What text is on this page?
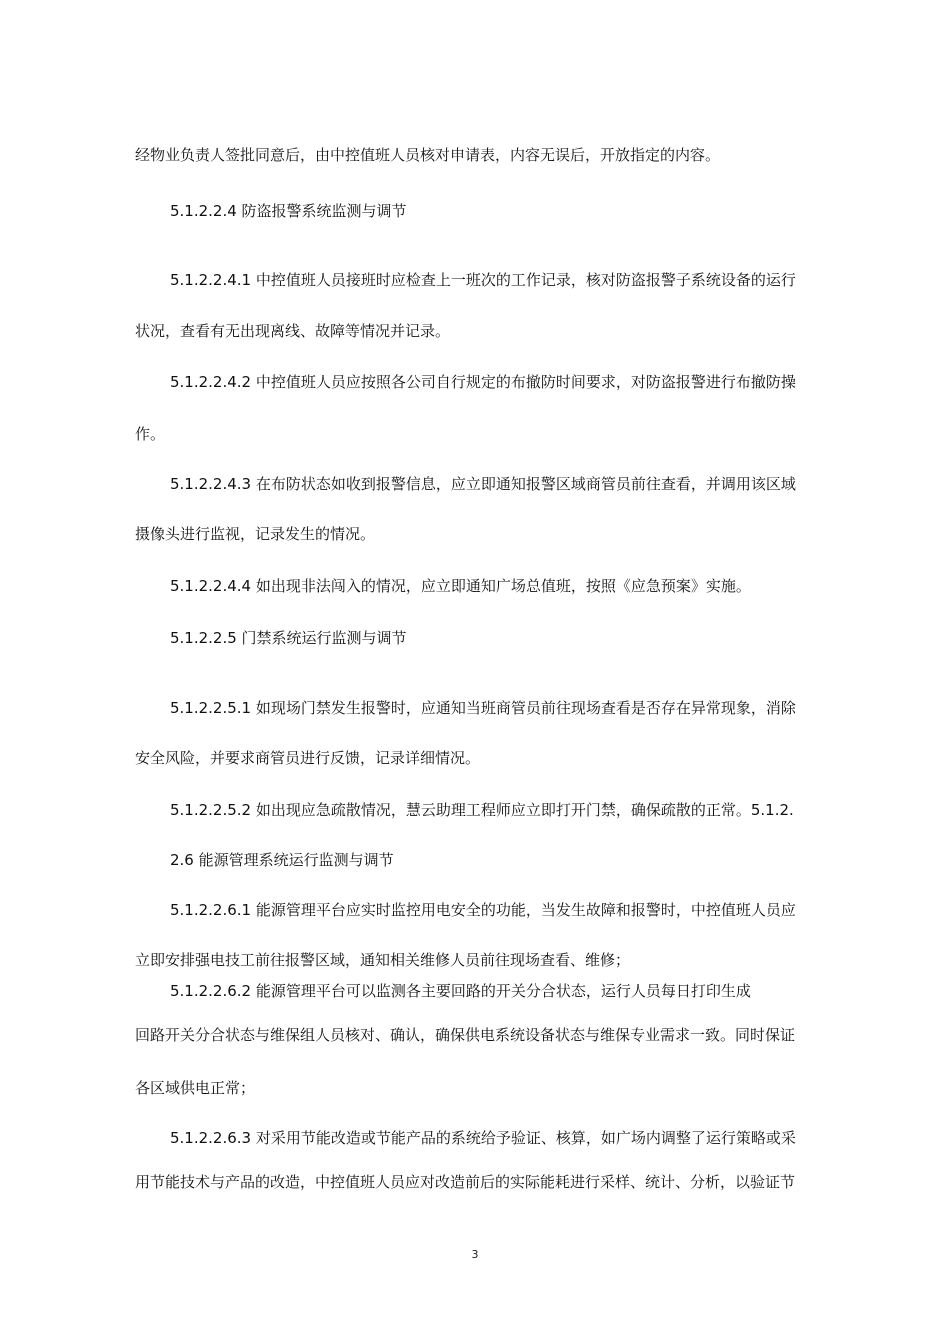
经物业负责人签批同意后，由中控值班人员核对申请表，内容无误后，开放指定的内容。
5.1.2.2.4 防盗报警系统监测与调节
5.1.2.2.4.1 中控值班人员接班时应检查上一班次的工作记录，核对防盗报警子系统设备的运行
状况，查看有无出现离线、故障等情况并记录。
5.1.2.2.4.2 中控值班人员应按照各公司自行规定的布撤防时间要求，对防盗报警进行布撤防操
作。
5.1.2.2.4.3 在布防状态如收到报警信息，应立即通知报警区域商管员前往查看，并调用该区域
摄像头进行监视，记录发生的情况。
5.1.2.2.4.4 如出现非法闯入的情况，应立即通知广场总值班，按照《应急预案》实施。
5.1.2.2.5 门禁系统运行监测与调节
5.1.2.2.5.1 如现场门禁发生报警时，应通知当班商管员前往现场查看是否存在异常现象，消除
安全风险，并要求商管员进行反馈，记录详细情况。
5.1.2.2.5.2 如出现应急疏散情况，慧云助理工程师应立即打开门禁，确保疏散的正常。5.1.2.
2.6 能源管理系统运行监测与调节
5.1.2.2.6.1 能源管理平台应实时监控用电安全的功能，当发生故障和报警时，中控值班人员应
立即安排强电技工前往报警区域，通知相关维修人员前往现场查看、维修；
5.1.2.2.6.2 能源管理平台可以监测各主要回路的开关分合状态，运行人员每日打印生成
回路开关分合状态与维保组人员核对、确认，确保供电系统设备状态与维保专业需求一致。同时保证
各区域供电正常；
5.1.2.2.6.3 对采用节能改造或节能产品的系统给予验证、核算，如广场内调整了运行策略或采
用节能技术与产品的改造，中控值班人员应对改造前后的实际能耗进行采样、统计、分析，以验证节
3
